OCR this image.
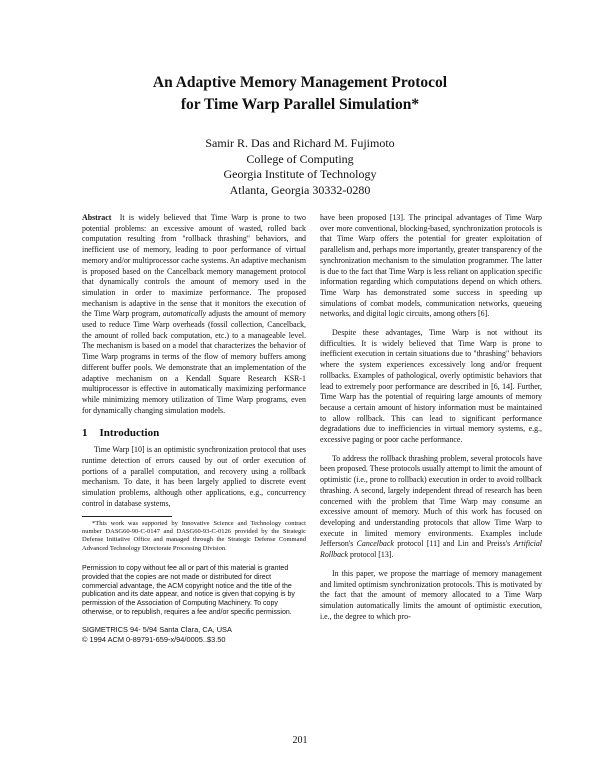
An Adaptive Memory Management Protocol
for Time Warp Parallel Simulation*
Samir R. Das and Richard M. Fujimoto
College of Computing
Georgia Institute of Technology
Atlanta, Georgia 30332-0280

Abstract It is widely believed that Time Warp is prone to two potential problems: an excessive amount of wasted, rolled back computation resulting from "rollback thrashing" behaviors, and inefficient use of memory, leading to poor performance of virtual memory and/or multiprocessor cache systems. An adaptive mechanism is proposed based on the Cancelback memory management protocol that dynamically controls the amount of memory used in the simulation in order to maximize performance. The proposed mechanism is adaptive in the sense that it monitors the execution of the Time Warp program, automatically adjusts the amount of memory used to reduce Time Warp overheads (fossil collection, Cancelback, the amount of rolled back computation, etc.) to a manageable level. The mechanism is based on a model that characterizes the behavior of Time Warp programs in terms of the flow of memory buffers among different buffer pools. We demonstrate that an implementation of the adaptive mechanism on a Kendall Square Research KSR-1 multiprocessor is effective in automatically maximizing performance while minimizing memory utilization of Time Warp programs, even for dynamically changing simulation models.

1 Introduction

Time Warp [10] is an optimistic synchronization protocol that uses runtime detection of errors caused by out of order execution of portions of a parallel computation, and recovery using a rollback mechanism. To date, it has been largely applied to discrete event simulation problems, although other applications, e.g., concurrency control in database systems,

*This work was supported by Innovative Science and Technology contract number DASG60-90-C-0147 and DASG60-93-C-0126 provided by the Strategic Defense Initiative Office and managed through the Strategic Defense Command Advanced Technology Directorate Processing Division.

Permission to copy without fee all or part of this material is granted provided that the copies are not made or distributed for direct commercial advantage, the ACM copyright notice and the title of the publication and its date appear, and notice is given that copying is by permission of the Association of Computing Machinery. To copy otherwise, or to republish, requires a fee and/or specific permission.

SIGMETRICS 94- 5/94 Santa Clara, CA, USA
© 1994 ACM 0-89791-659-x/94/0005..$3.50

have been proposed [13]. The principal advantages of Time Warp over more conventional, blocking-based, synchronization protocols is that Time Warp offers the potential for greater exploitation of parallelism and, perhaps more importantly, greater transparency of the synchronization mechanism to the simulation programmer. The latter is due to the fact that Time Warp is less reliant on application specific information regarding which computations depend on which others. Time Warp has demonstrated some success in speeding up simulations of combat models, communication networks, queueing networks, and digital logic circuits, among others [6].

Despite these advantages, Time Warp is not without its difficulties. It is widely believed that Time Warp is prone to inefficient execution in certain situations due to "thrashing" behaviors where the system experiences excessively long and/or frequent rollbacks. Examples of pathological, overly optimistic behaviors that lead to extremely poor performance are described in [6, 14]. Further, Time Warp has the potential of requiring large amounts of memory because a certain amount of history information must be maintained to allow rollback. This can lead to significant performance degradations due to inefficiencies in virtual memory systems, e.g., excessive paging or poor cache performance.

To address the rollback thrashing problem, several protocols have been proposed. These protocols usually attempt to limit the amount of optimistic (i.e., prone to rollback) execution in order to avoid rollback thrashing. A second, largely independent thread of research has been concerned with the problem that Time Warp may consume an excessive amount of memory. Much of this work has focused on developing and understanding protocols that allow Time Warp to execute in limited memory environments. Examples include Jefferson's Cancelback protocol [11] and Lin and Preiss's Artificial Rollback protocol [13].

In this paper, we propose the marriage of memory management and limited optimism synchronization protocols. This is motivated by the fact that the amount of memory allocated to a Time Warp simulation automatically limits the amount of optimistic execution, i.e., the degree to which pro-

201
